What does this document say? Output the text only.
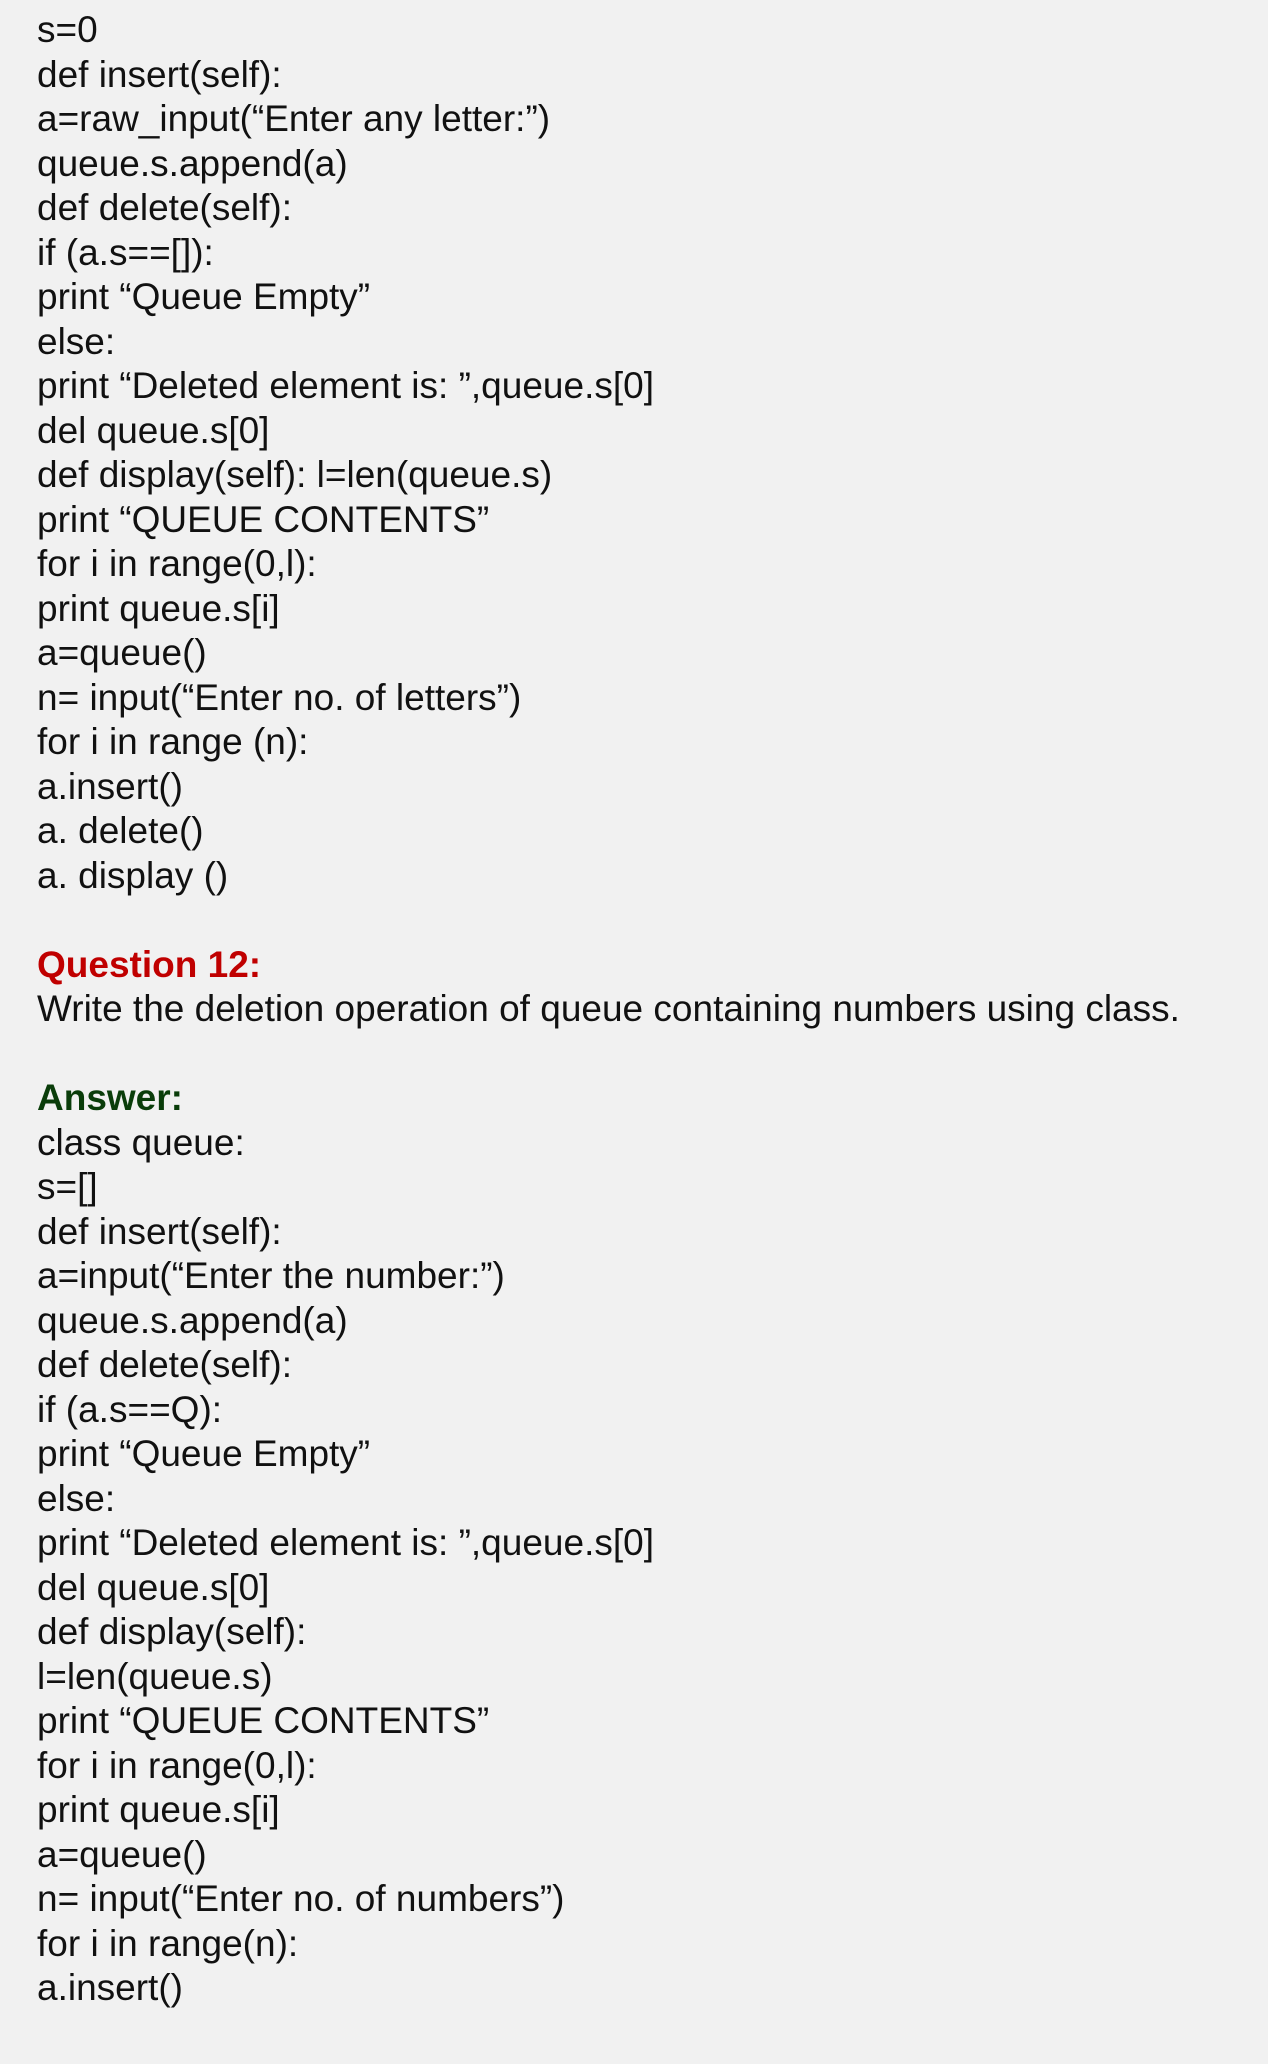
s=0

def insert(self):

a=raw_input(“Enter any letter:”)

queue.s.append(a)

def delete(self):

if (a.s==[]):

print “Queue Empty”

else:

print “Deleted element is: ”,queue.s[0]

del queue.s[0]

def display(self): l=len(queue.s)

print “QUEUE CONTENTS”

for i in range(0,l):

print queue.s[i]

a=queue()

n= input(“Enter no. of letters”)

for i in range (n):

a.insert()

a. delete()

a. display ()

Question 12:

Write the deletion operation of queue containing numbers using class.

Answer:

class queue:

s=[]

def insert(self):

a=input(“Enter the number:”)

queue.s.append(a)

def delete(self):

if (a.s==Q):

print “Queue Empty”

else:

print “Deleted element is: ”,queue.s[0]

del queue.s[0]

def display(self):

l=len(queue.s)

print “QUEUE CONTENTS”

for i in range(0,l):

print queue.s[i]

a=queue()

n= input(“Enter no. of numbers”)

for i in range(n):

a.insert()
